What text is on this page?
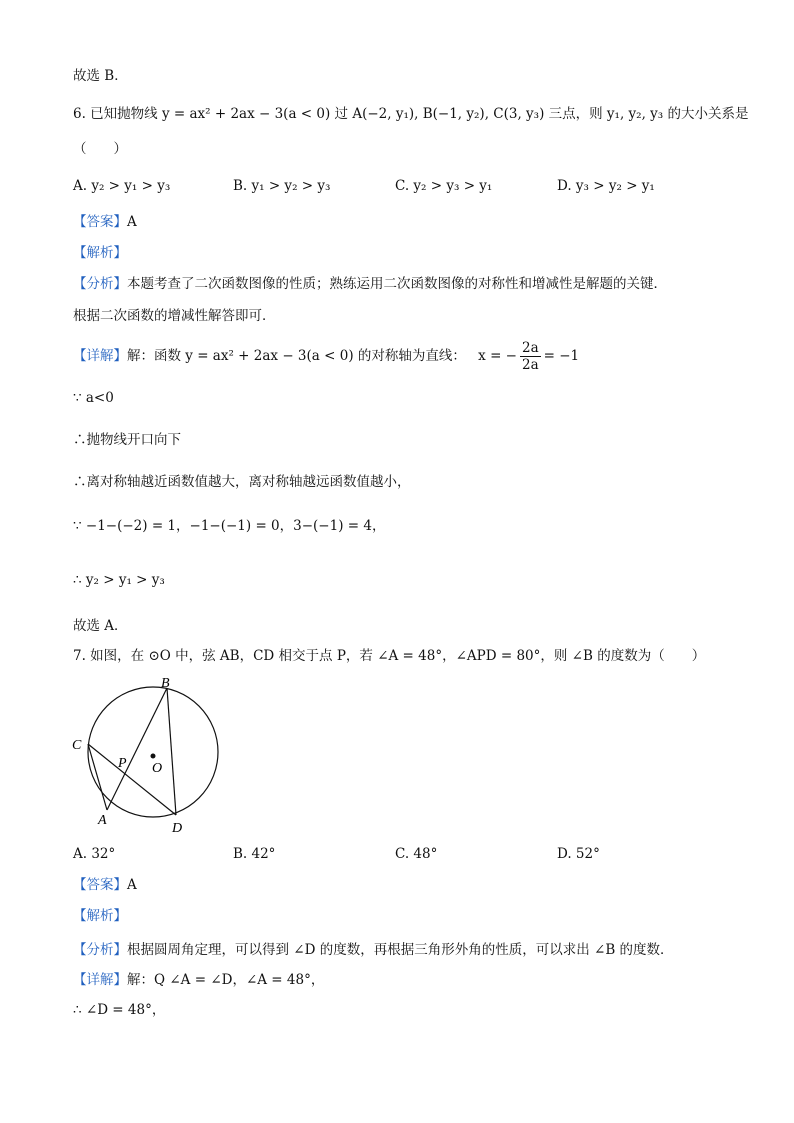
故选 B．
6. 已知抛物线 y = ax² + 2ax − 3(a < 0) 过 A(−2, y₁), B(−1, y₂), C(3, y₃) 三点，则 y₁, y₂, y₃ 的大小关系是
（　　）
A. y₂ > y₁ > y₃	B. y₁ > y₂ > y₃	C. y₂ > y₃ > y₁	D. y₃ > y₂ > y₁
【答案】A
【解析】
【分析】本题考查了二次函数图像的性质；熟练运用二次函数图像的对称性和增减性是解题的关键．
根据二次函数的增减性解答即可．
【详解】解：函数 y = ax² + 2ax − 3(a < 0) 的对称轴为直线： x = − $\frac{2a}{2a} = -1$
∵ a<0
∴抛物线开口向下
∴离对称轴越近函数值越大，离对称轴越远函数值越小，
∵ −1−(−2) = 1，−1−(−1) = 0，3−(−1) = 4，
∴ y₂ > y₁ > y₃
故选 A．
7. 如图，在 ⊙O 中，弦 AB，CD 相交于点 P，若 ∠A = 48°，∠APD = 80°，则 ∠B 的度数为（　　）
B
C
P O
A
D
A. 32°	B. 42°	C. 48°	D. 52°
【答案】A
【解析】
【分析】根据圆周角定理，可以得到 ∠D 的度数，再根据三角形外角的性质，可以求出 ∠B 的度数．
【详解】解：Q ∠A = ∠D，∠A = 48°，
∴ ∠D = 48°，
